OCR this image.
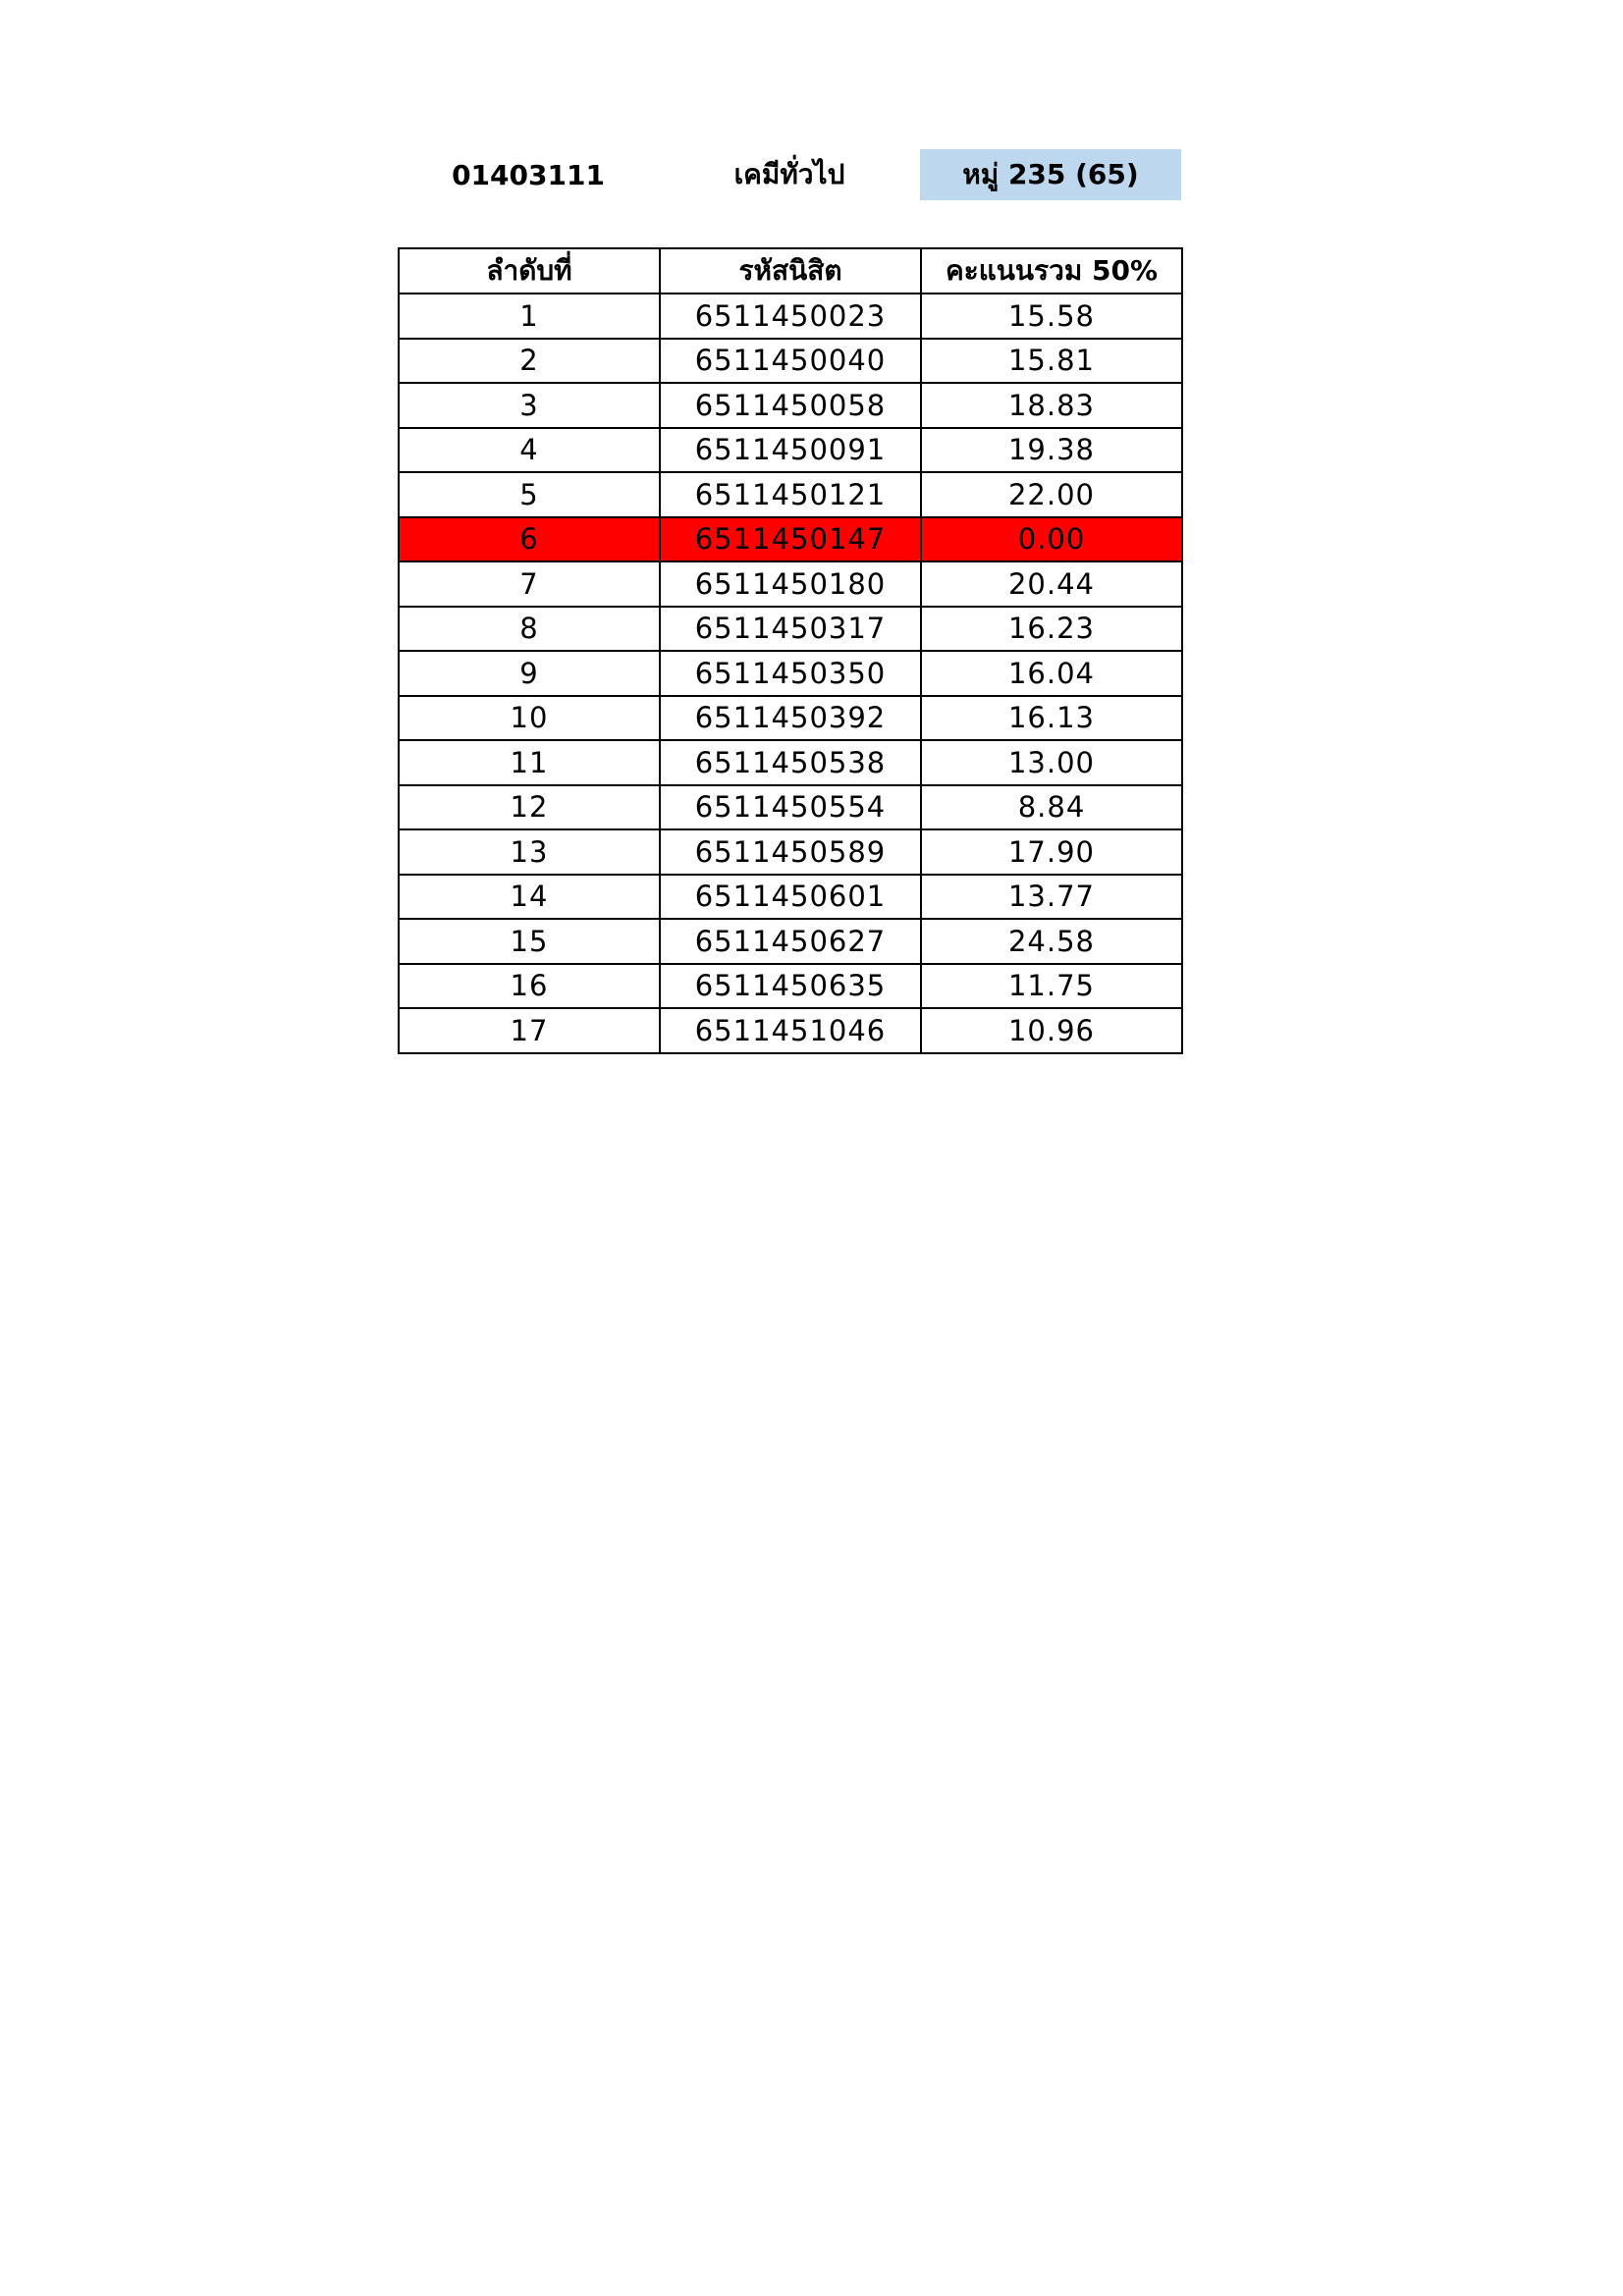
01403111	เคมีทั่วไป	หมู่ 235 (65)
ลำดับที่	รหัสนิสิต	คะแนนรวม 50%
1	6511450023	15.58
2	6511450040	15.81
3	6511450058	18.83
4	6511450091	19.38
5	6511450121	22.00
6	6511450147	0.00
7	6511450180	20.44
8	6511450317	16.23
9	6511450350	16.04
10	6511450392	16.13
11	6511450538	13.00
12	6511450554	8.84
13	6511450589	17.90
14	6511450601	13.77
15	6511450627	24.58
16	6511450635	11.75
17	6511451046	10.96
